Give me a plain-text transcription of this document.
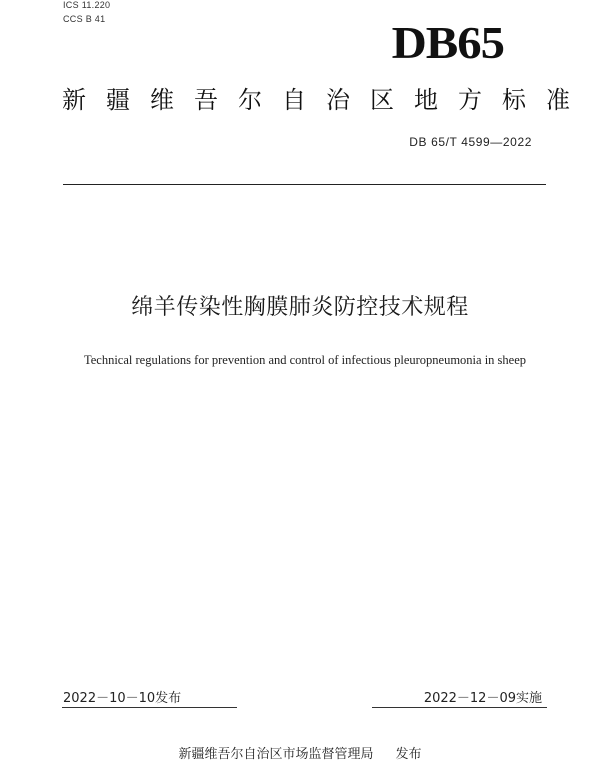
ICS 11.220
CCS B 41	DB65
新疆维吾尔自治区地方标准
DB 65/T 4599—2022
绵羊传染性胸膜肺炎防控技术规程
Technical regulations for prevention and control of infectious pleuropneumonia in sheep
2022－10－10发布	2022－12－09实施
新疆维吾尔自治区市场监督管理局 发布
